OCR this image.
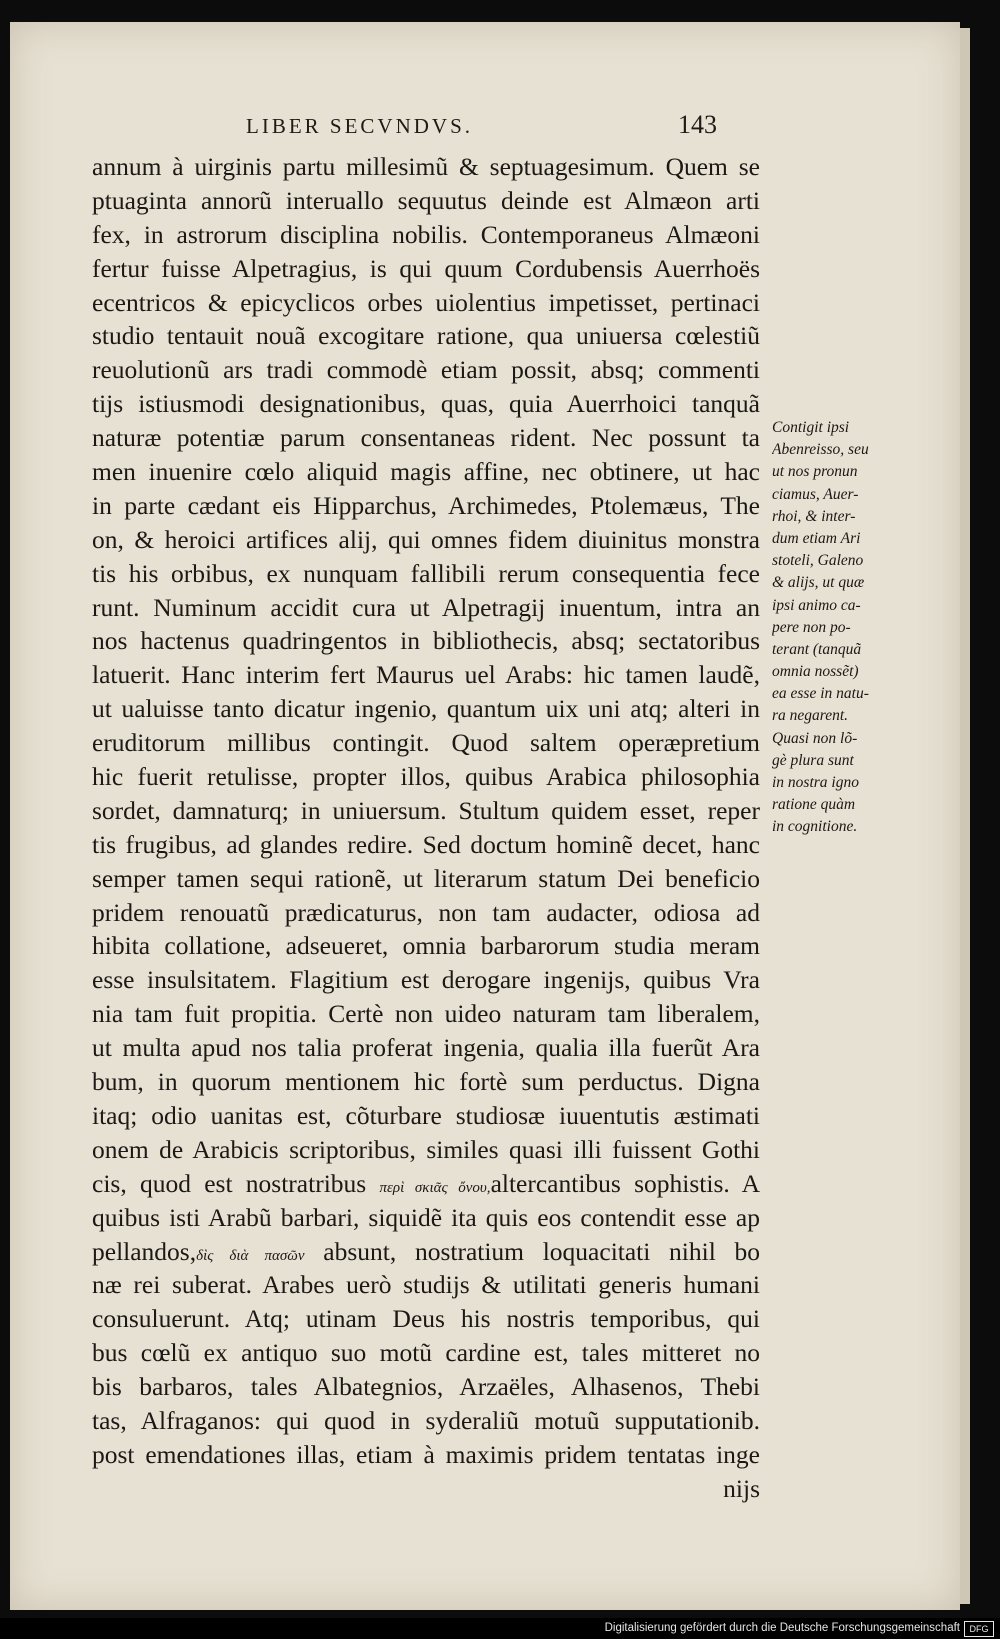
LIBER SECVNDVS.	143
annum à uirginis partu millesimũ & septuagesimum. Quem se
ptuaginta annorũ interuallo sequutus deinde est Almæon arti
fex, in astrorum disciplina nobilis. Contemporaneus Almæoni
fertur fuisse Alpetragius, is qui quum Cordubensis Auerrhoës
ecentricos & epicyclicos orbes uiolentius impetisset, pertinaci
studio tentauit nouã excogitare ratione, qua uniuersa cœlestiũ
reuolutionũ ars tradi commodè etiam possit, absq; commenti
tijs istiusmodi designationibus, quas, quia Auerrhoici tanquã
naturæ potentiæ parum consentaneas rident. Nec possunt ta
men inuenire cœlo aliquid magis affine, nec obtinere, ut hac
in parte cædant eis Hipparchus, Archimedes, Ptolemæus, The
on, & heroici artifices alij, qui omnes fidem diuinitus monstra
tis his orbibus, ex nunquam fallibili rerum consequentia fece
runt. Numinum accidit cura ut Alpetragij inuentum, intra an
nos hactenus quadringentos in bibliothecis, absq; sectatoribus
latuerit. Hanc interim fert Maurus uel Arabs: hic tamen laudẽ,
ut ualuisse tanto dicatur ingenio, quantum uix uni atq; alteri in
eruditorum millibus contingit. Quod saltem operæpretium
hic fuerit retulisse, propter illos, quibus Arabica philosophia
sordet, damnaturq; in uniuersum. Stultum quidem esset, reper
tis frugibus, ad glandes redire. Sed doctum hominẽ decet, hanc
semper tamen sequi rationẽ, ut literarum statum Dei beneficio
pridem renouatũ prædicaturus, non tam audacter, odiosa ad
hibita collatione, adseueret, omnia barbarorum studia meram
esse insulsitatem. Flagitium est derogare ingenijs, quibus Vra
nia tam fuit propitia. Certè non uideo naturam tam liberalem,
ut multa apud nos talia proferat ingenia, qualia illa fuerũt Ara
bum, in quorum mentionem hic fortè sum perductus. Digna
itaq; odio uanitas est, cõturbare studiosæ iuuentutis æstimati
onem de Arabicis scriptoribus, similes quasi illi fuissent Gothi
cis, quod est nostratribus περὶ σκιᾶς ὄνου,altercantibus sophistis. A
quibus isti Arabũ barbari, siquidẽ ita quis eos contendit esse ap
pellandos,δὶς διὰ πασῶν absunt, nostratium loquacitati nihil bo
næ rei suberat. Arabes uerò studijs & utilitati generis humani
consuluerunt. Atq; utinam Deus his nostris temporibus, qui
bus cœlũ ex antiquo suo motũ cardine est, tales mitteret no
bis barbaros, tales Albategnios, Arzaëles, Alhasenos, Thebi
tas, Alfraganos: qui quod in syderaliũ motuũ supputationib.
post emendationes illas, etiam à maximis pridem tentatas inge
nijs
Contigit ipsi
Abenreisso, seu
ut nos pronun
ciamus, Auer-
rhoi, & inter-
dum etiam Ari
stoteli, Galeno
& alijs, ut quæ
ipsi animo ca-
pere non po-
terant (tanquã
omnia nossẽt)
ea esse in natu-
ra negarent.
Quasi non lõ-
gè plura sunt
in nostra igno
ratione quàm
in cognitione.
Digitalisierung gefördert durch die Deutsche Forschungsgemeinschaft	DFG
